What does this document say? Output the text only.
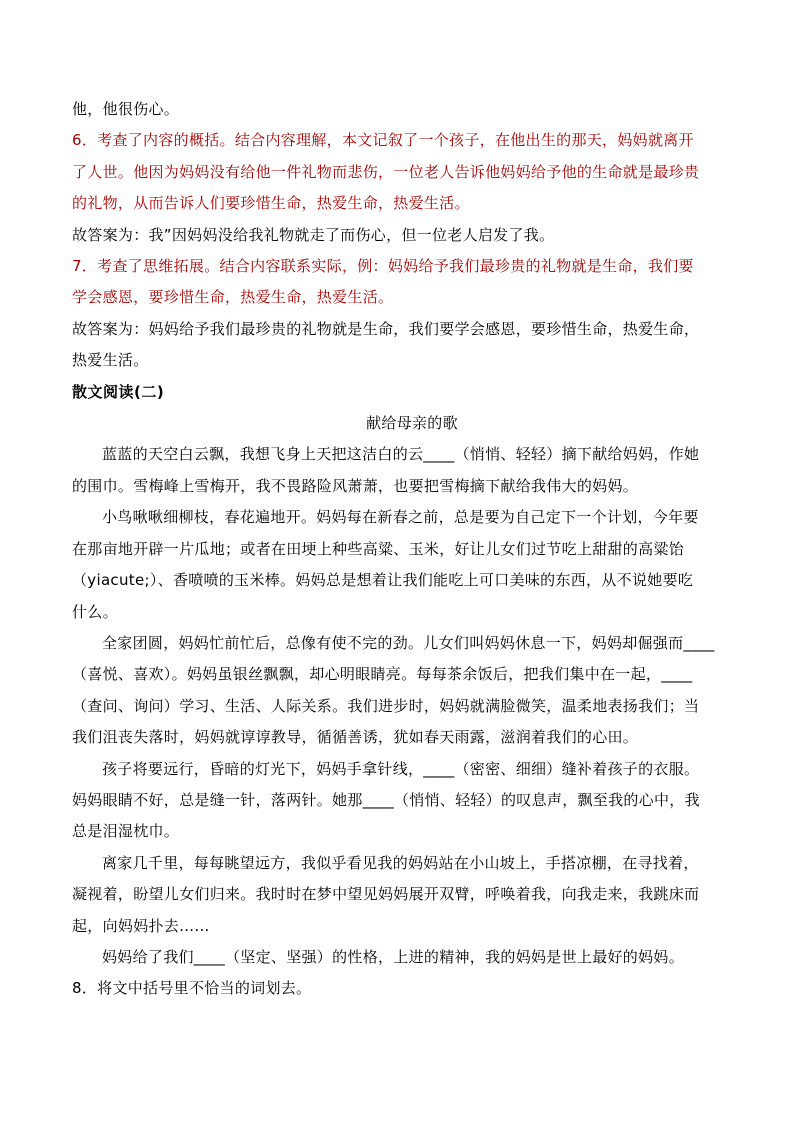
他，他很伤心。

6．考查了内容的概括。结合内容理解，本文记叙了一个孩子，在他出生的那天，妈妈就离开

了人世。他因为妈妈没有给他一件礼物而悲伤，一位老人告诉他妈妈给予他的生命就是最珍贵

的礼物，从而告诉人们要珍惜生命，热爱生命，热爱生活。

故答案为：我”因妈妈没给我礼物就走了而伤心，但一位老人启发了我。

7．考查了思维拓展。结合内容联系实际，例：妈妈给予我们最珍贵的礼物就是生命，我们要

学会感恩，要珍惜生命，热爱生命，热爱生活。

故答案为：妈妈给予我们最珍贵的礼物就是生命，我们要学会感恩，要珍惜生命，热爱生命，

热爱生活。

散文阅读(二)

献给母亲的歌

蓝蓝的天空白云飘，我想飞身上天把这洁白的云____（悄悄、轻轻）摘下献给妈妈，作她

的围巾。雪梅峰上雪梅开，我不畏路险风萧萧，也要把雪梅摘下献给我伟大的妈妈。

小鸟啾啾细柳枝，春花遍地开。妈妈每在新春之前，总是要为自己定下一个计划，今年要

在那亩地开辟一片瓜地；或者在田埂上种些高粱、玉米，好让儿女们过节吃上甜甜的高粱饴

（yiacute;）、香喷喷的玉米棒。妈妈总是想着让我们能吃上可口美味的东西，从不说她要吃

什么。

全家团圆，妈妈忙前忙后，总像有使不完的劲。儿女们叫妈妈休息一下，妈妈却倔强而____

（喜悦、喜欢）。妈妈虽银丝飘飘，却心明眼睛亮。每每茶余饭后，把我们集中在一起，____

（查问、询问）学习、生活、人际关系。我们进步时，妈妈就满脸微笑，温柔地表扬我们；当

我们沮丧失落时，妈妈就谆谆教导，循循善诱，犹如春天雨露，滋润着我们的心田。

孩子将要远行，昏暗的灯光下，妈妈手拿针线，____（密密、细细）缝补着孩子的衣服。

妈妈眼睛不好，总是缝一针，落两针。她那____（悄悄、轻轻）的叹息声，飘至我的心中，我

总是泪湿枕巾。

离家几千里，每每眺望远方，我似乎看见我的妈妈站在小山坡上，手搭凉棚，在寻找着，

凝视着，盼望儿女们归来。我时时在梦中望见妈妈展开双臂，呼唤着我，向我走来，我跳床而

起，向妈妈扑去……

妈妈给了我们____（坚定、坚强）的性格，上进的精神，我的妈妈是世上最好的妈妈。

8．将文中括号里不恰当的词划去。
